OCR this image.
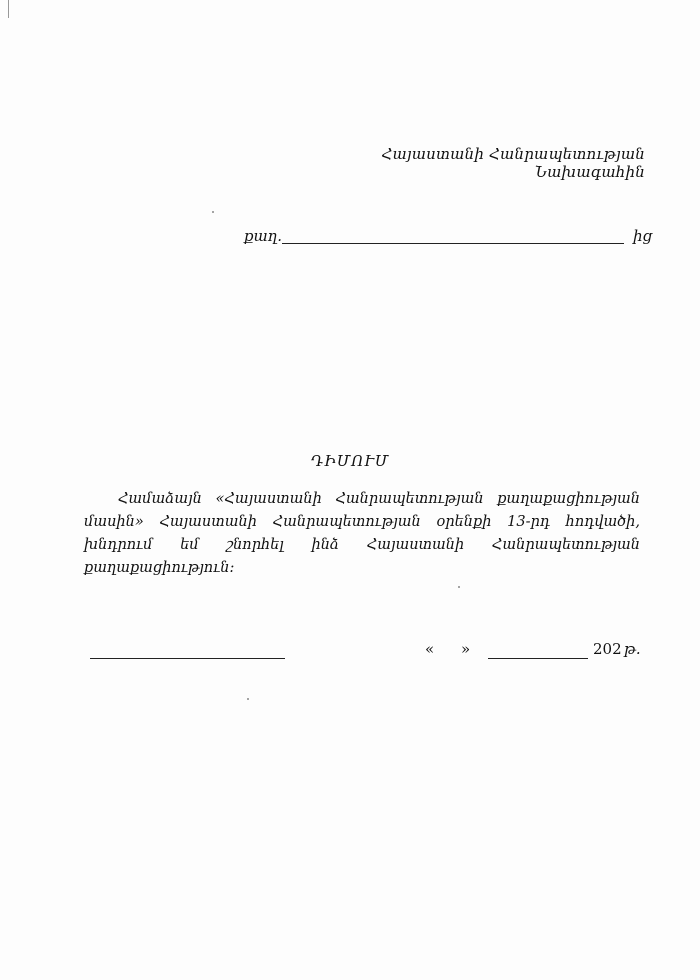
Հայաստանի Հանրապետության Նախագահին
քաղ.	ից
ԴԻՄՈՒՄ
Համաձայն «Հայաստանի Հանրապետության քաղաքացիության մասին» Հայաստանի Հանրապետության օրենքի 13-րդ հոդվածի, խնդրում եմ շնորհել ինձ Հայաստանի Հանրապետության քաղաքացիություն:
« »	202 թ.
